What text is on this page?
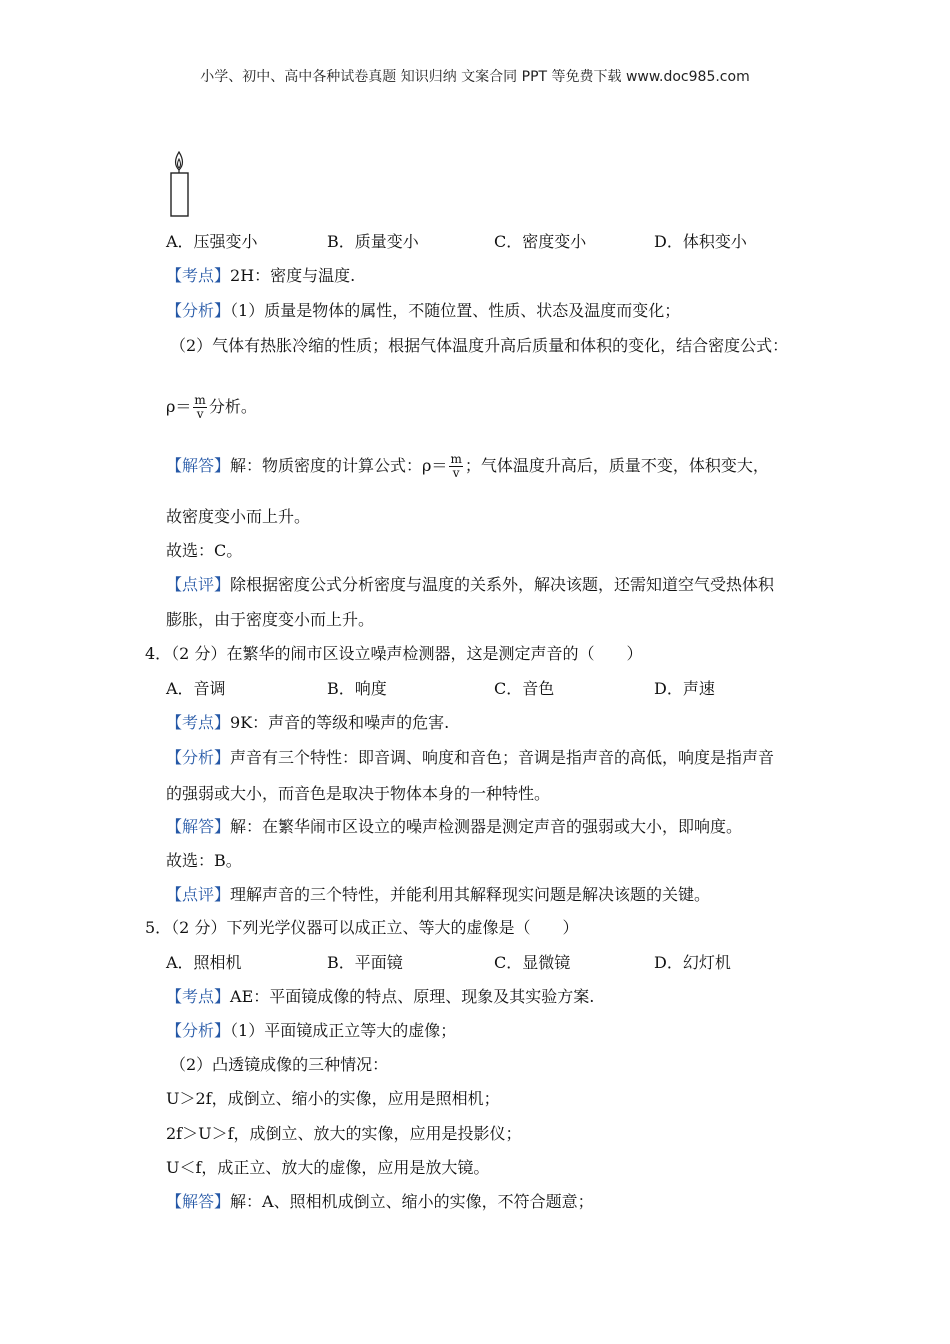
小学、初中、高中各种试卷真题 知识归纳 文案合同 PPT 等免费下载 www.doc985.com
A．压强变小	B．质量变小	C．密度变小	D．体积变小
【考点】2H：密度与温度.
【分析】（1）质量是物体的属性，不随位置、性质、状态及温度而变化；
（2）气体有热胀冷缩的性质；根据气体温度升高后质量和体积的变化，结合密度公式：
$\rho= \frac{m}{v}$ 分析。
【解答】解：物质密度的计算公式：$\rho= \frac{m}{v}$ ；气体温度升高后，质量不变，体积变大，
故密度变小而上升。
故选：C。
【点评】除根据密度公式分析密度与温度的关系外，解决该题，还需知道空气受热体积
膨胀，由于密度变小而上升。
4．（2 分）在繁华的闹市区设立噪声检测器，这是测定声音的（　　）
A．音调	B．响度	C．音色	D．声速
【考点】9K：声音的等级和噪声的危害.
【分析】声音有三个特性：即音调、响度和音色；音调是指声音的高低，响度是指声音
的强弱或大小，而音色是取决于物体本身的一种特性。
【解答】解：在繁华闹市区设立的噪声检测器是测定声音的强弱或大小，即响度。
故选：B。
【点评】理解声音的三个特性，并能利用其解释现实问题是解决该题的关键。
5．（2 分）下列光学仪器可以成正立、等大的虚像是（　　）
A．照相机	B．平面镜	C．显微镜	D．幻灯机
【考点】AE：平面镜成像的特点、原理、现象及其实验方案.
【分析】（1）平面镜成正立等大的虚像；
（2）凸透镜成像的三种情况：
U＞2f，成倒立、缩小的实像，应用是照相机；
2f＞U＞f，成倒立、放大的实像，应用是投影仪；
U＜f，成正立、放大的虚像，应用是放大镜。
【解答】解：A、照相机成倒立、缩小的实像，不符合题意；
